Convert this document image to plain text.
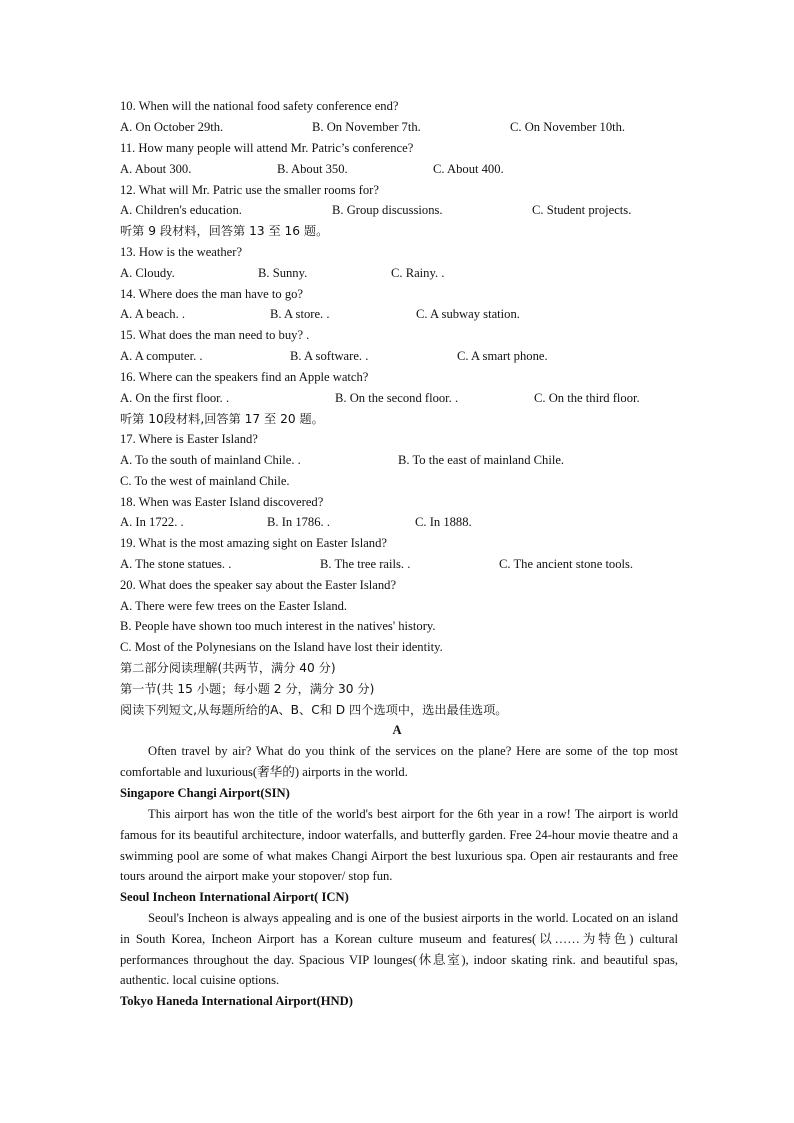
10. When will the national food safety conference end?
A. On October 29th.	B. On November 7th.	C. On November 10th.
11. How many people will attend Mr. Patric’s conference?
A. About 300.	B. About 350.	C. About 400.
12. What will Mr. Patric use the smaller rooms for?
A. Children's education.	B. Group discussions.	C. Student projects.
听第 9 段材料，回答第 13 至 16 题。
13. How is the weather?
A. Cloudy.	B. Sunny.	C. Rainy. .
14. Where does the man have to go?
A. A beach. .	B. A store. .	C. A subway station.
15. What does the man need to buy? .
A. A computer. .	B. A software. .	C. A smart phone.
16. Where can the speakers find an Apple watch?
A. On the first floor. .	B. On the second floor. .	C. On the third floor.
听第 10段材料,回答第 17 至 20 题。
17. Where is Easter Island?
A. To the south of mainland Chile. .	B. To the east of mainland Chile.
C. To the west of mainland Chile.
18. When was Easter Island discovered?
A. In 1722. .	B. In 1786. .	C. In 1888.
19. What is the most amazing sight on Easter Island?
A. The stone statues. .	B. The tree rails. .	C. The ancient stone tools.
20. What does the speaker say about the Easter Island?
A. There were few trees on the Easter Island.
B. People have shown too much interest in the natives' history.
C. Most of the Polynesians on the Island have lost their identity.
第二部分阅读理解(共两节，满分 40 分)
第一节(共 15 小题；每小题 2 分，满分 30 分)
阅读下列短文,从每题所给的A、B、C和 D 四个选项中，选出最佳选项。
A
Often travel by air? What do you think of the services on the plane? Here are some of the top most comfortable and luxurious(奢华的) airports in the world.
Singapore Changi Airport(SIN)
This airport has won the title of the world's best airport for the 6th year in a row! The airport is world famous for its beautiful architecture, indoor waterfalls, and butterfly garden. Free 24-hour movie theatre and a swimming pool are some of what makes Changi Airport the best luxurious spa. Open air restaurants and free tours around the airport make your stopover/ stop fun.
Seoul Incheon International Airport( ICN)
Seoul's Incheon is always appealing and is one of the busiest airports in the world. Located on an island in South Korea, Incheon Airport has a Korean culture museum and features(以……为特色) cultural performances throughout the day. Spacious VIP lounges(休息室), indoor skating rink. and beautiful spas, authentic. local cuisine options.
Tokyo Haneda International Airport(HND)
